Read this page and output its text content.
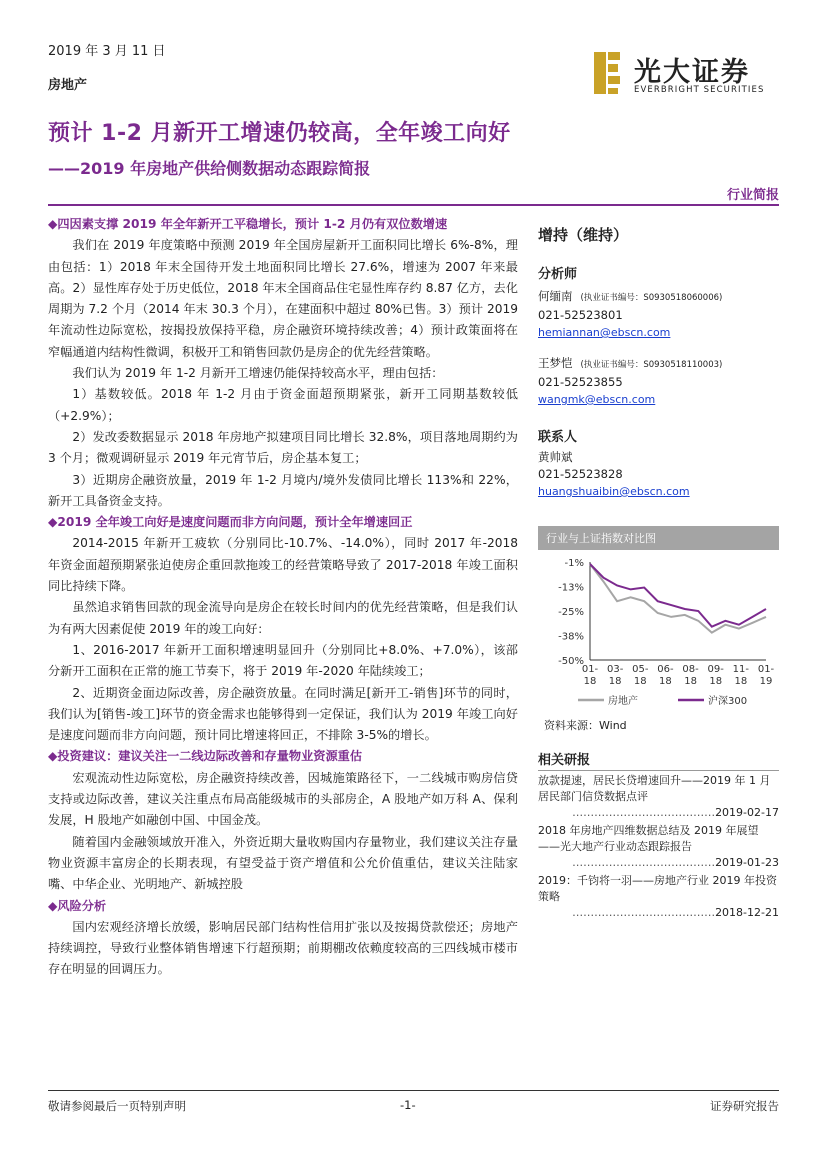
2019 年 3 月 11 日
房地产	光大证券
EVERBRIGHT SECURITIES
预计 1-2 月新开工增速仍较高，全年竣工向好
——2019 年房地产供给侧数据动态跟踪简报
行业简报
◆四因素支撑 2019 年全年新开工平稳增长，预计 1-2 月仍有双位数增速

我们在 2019 年度策略中预测 2019 年全国房屋新开工面积同比增长 6%-8%，理由包括：1）2018 年末全国待开发土地面积同比增长 27.6%，增速为 2007 年来最高。2）显性库存处于历史低位，2018 年末全国商品住宅显性库存约 8.87 亿方，去化周期为 7.2 个月（2014 年末 30.3 个月），在建面积中超过 80%已售。3）预计 2019 年流动性边际宽松，按揭投放保持平稳，房企融资环境持续改善；4）预计政策面将在窄幅通道内结构性微调，积极开工和销售回款仍是房企的优先经营策略。

我们认为 2019 年 1-2 月新开工增速仍能保持较高水平，理由包括：

1）基数较低。2018 年 1-2 月由于资金面超预期紧张，新开工同期基数较低（+2.9%）；

2）发改委数据显示 2018 年房地产拟建项目同比增长 32.8%，项目落地周期约为 3 个月；微观调研显示 2019 年元宵节后，房企基本复工；

3）近期房企融资放量，2019 年 1-2 月境内/境外发债同比增长 113%和 22%，新开工具备资金支持。

◆2019 全年竣工向好是速度问题而非方向问题，预计全年增速回正

2014-2015 年新开工疲软（分别同比-10.7%、-14.0%），同时 2017 年-2018 年资金面超预期紧张迫使房企重回款拖竣工的经营策略导致了 2017-2018 年竣工面积同比持续下降。

虽然追求销售回款的现金流导向是房企在较长时间内的优先经营策略，但是我们认为有两大因素促使 2019 年的竣工向好：

1、2016-2017 年新开工面积增速明显回升（分别同比+8.0%、+7.0%），该部分新开工面积在正常的施工节奏下，将于 2019 年-2020 年陆续竣工；

2、近期资金面边际改善，房企融资放量。在同时满足[新开工-销售]环节的同时，我们认为[销售-竣工]环节的资金需求也能够得到一定保证，我们认为 2019 年竣工向好是速度问题而非方向问题，预计同比增速将回正，不排除 3-5%的增长。

◆投资建议：建议关注一二线边际改善和存量物业资源重估

宏观流动性边际宽松，房企融资持续改善，因城施策路径下，一二线城市购房信贷支持或边际改善，建议关注重点布局高能级城市的头部房企，A 股地产如万科 A、保利发展，H 股地产如融创中国、中国金茂。

随着国内金融领域放开准入，外资近期大量收购国内存量物业，我们建议关注存量物业资源丰富房企的长期表现，有望受益于资产增值和公允价值重估，建议关注陆家嘴、中华企业、光明地产、新城控股

◆风险分析

国内宏观经济增长放缓，影响居民部门结构性信用扩张以及按揭贷款偿还；房地产持续调控，导致行业整体销售增速下行超预期；前期棚改依赖度较高的三四线城市楼市存在明显的回调压力。

增持（维持）
分析师
何缅南 (执业证书编号：S0930518060006)
021-52523801
hemiannan@ebscn.com
王梦恺 (执业证书编号：S0930518110003)
021-52523855
wangmk@ebscn.com
联系人
黄帅斌
021-52523828
huangshuaibin@ebscn.com
行业与上证指数对比图
-1%
-13%
-25%
-38%
-50%
01-
18
03-
18
05-
18
06-
18
08-
18
09-
18
11-
18
01-
19
房地产	沪深300
资料来源：Wind
相关研报
放款提速，居民长贷增速回升——2019 年 1 月居民部门信贷数据点评
…………………………………2019-02-17
2018 年房地产四维数据总结及 2019 年展望——光大地产行业动态跟踪报告
…………………………………2019-01-23
2019：千钧将一羽——房地产行业 2019 年投资策略
…………………………………2018-12-21
敬请参阅最后一页特别声明	-1-	证券研究报告
